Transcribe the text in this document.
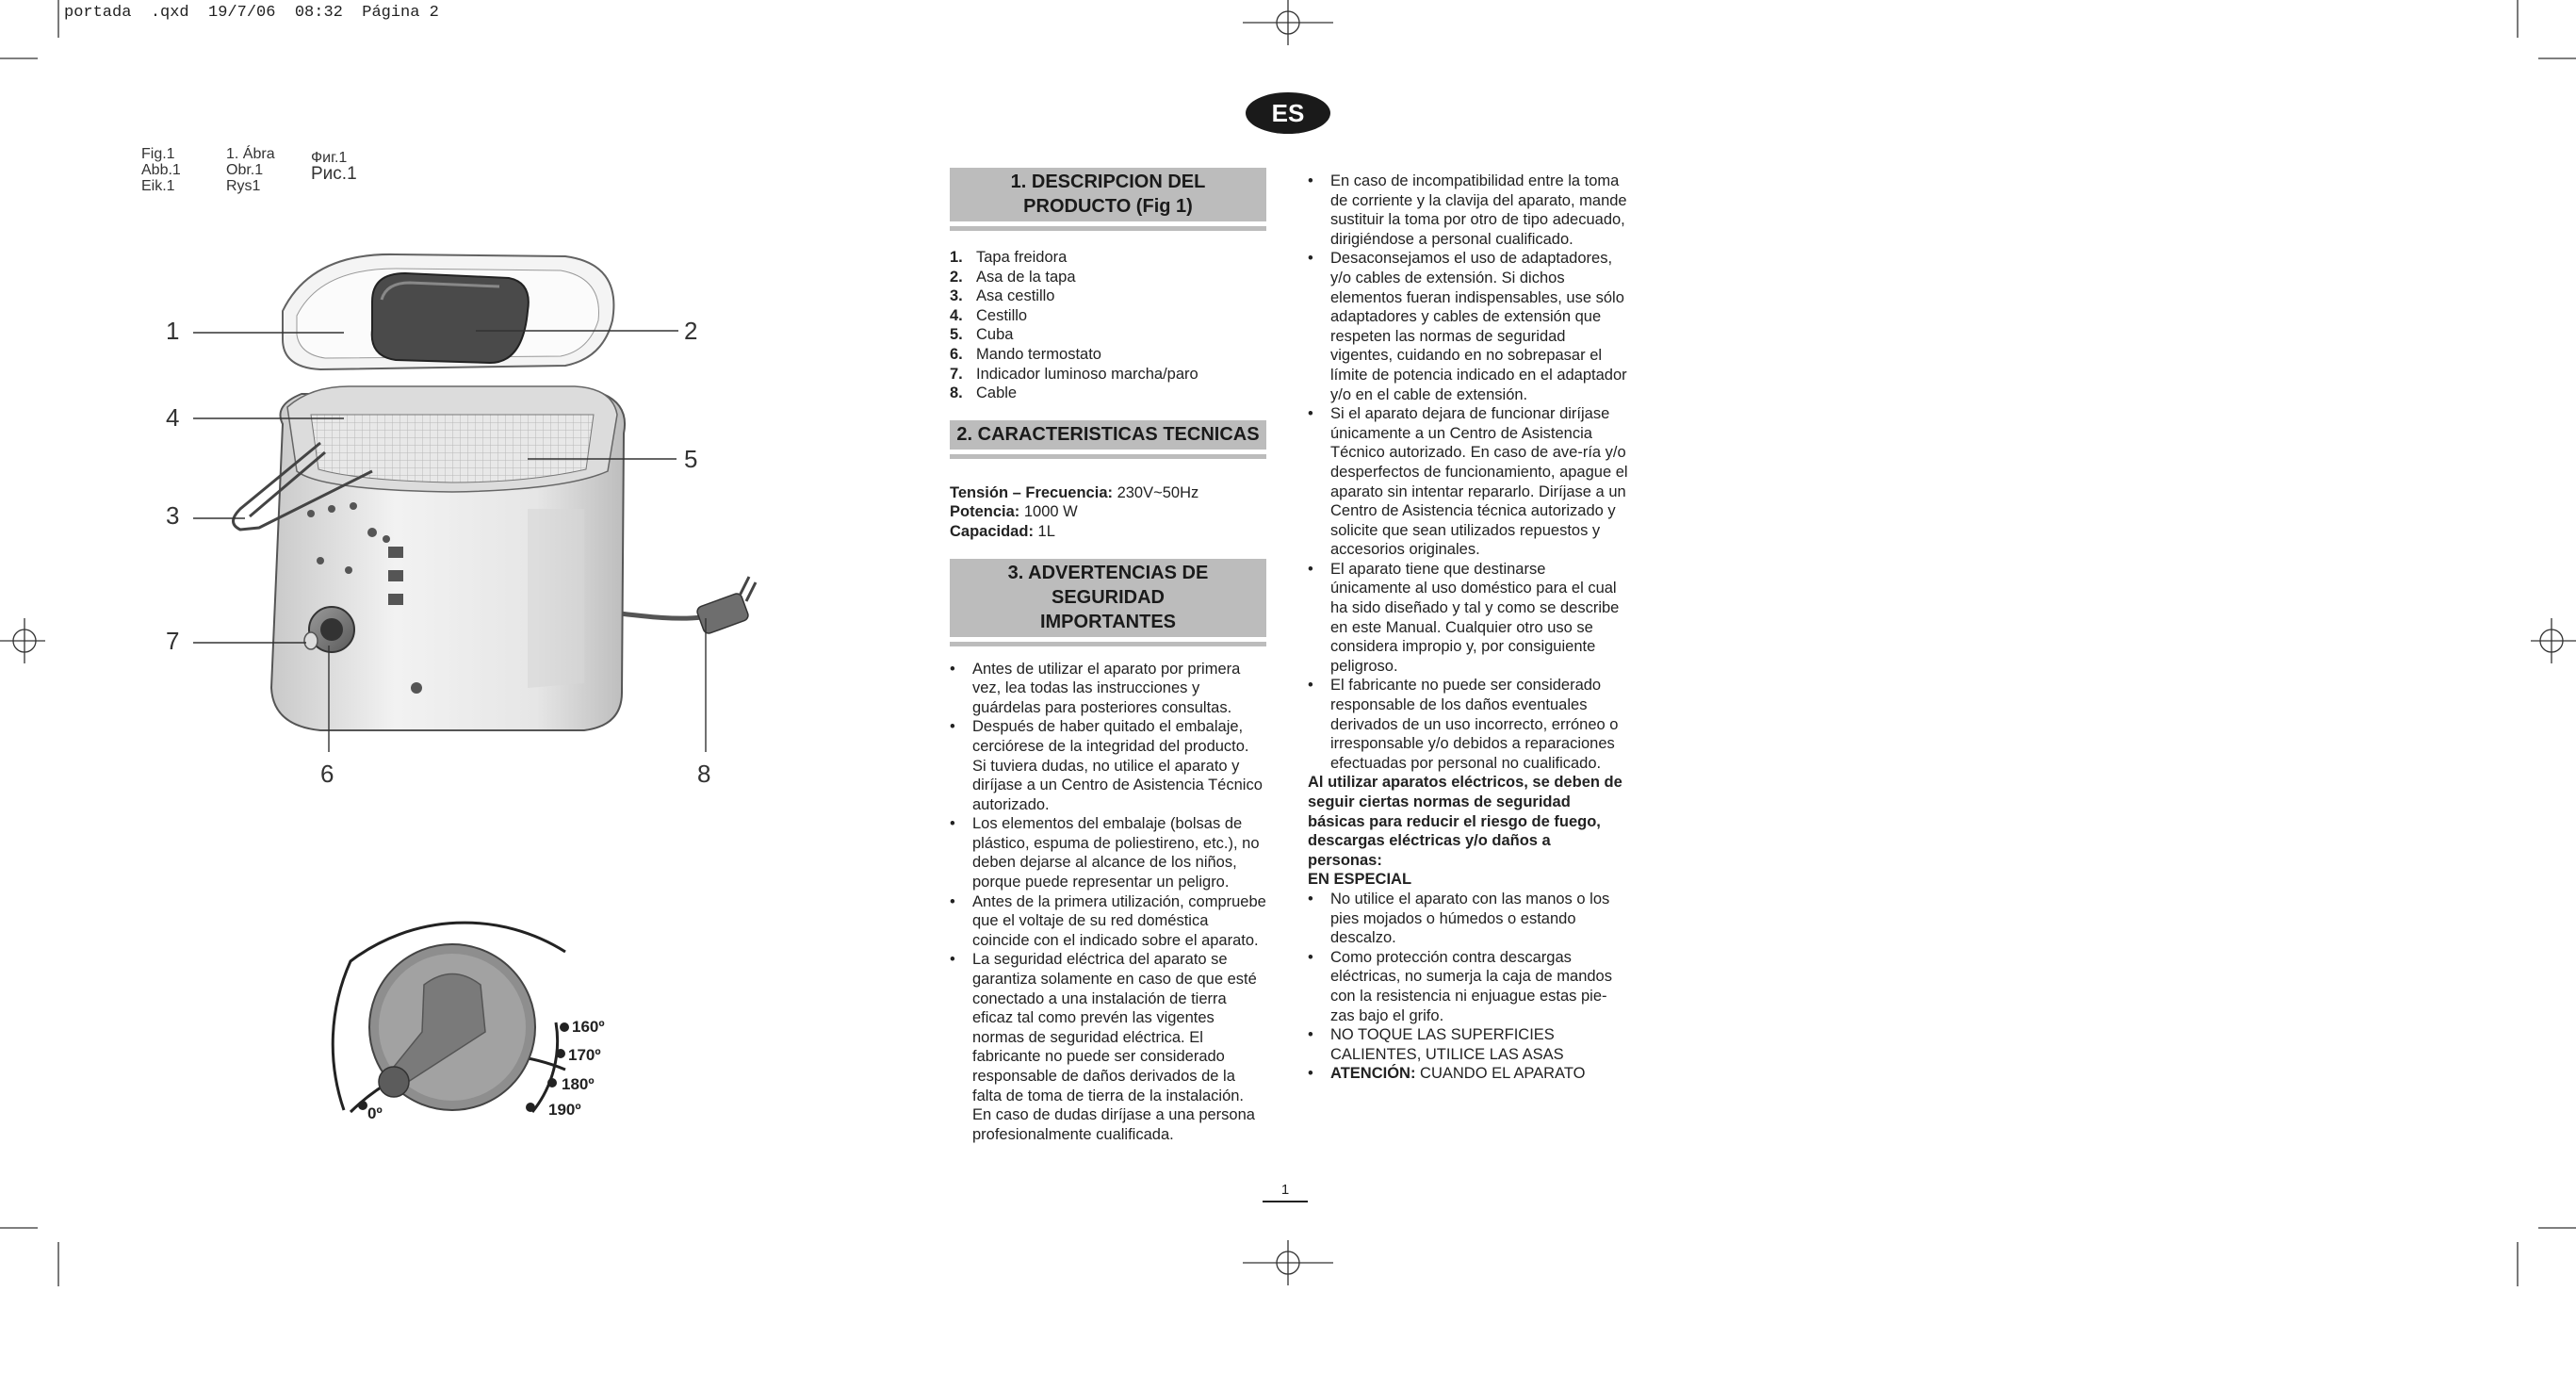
portada  .qxd  19/7/06  08:32  Página 2
Fig.1
Abb.1
Eik.1
1. Ábra
Obr.1
Rys1
Фиг.1
Рис.1
1	2
4
5
3
7
6	8
160º
170º
180º
190º
0º
ES
1. DESCRIPCION DEL
PRODUCTO (Fig 1)
1. Tapa freidora
2. Asa de la tapa
3. Asa cestillo
4. Cestillo
5. Cuba
6. Mando termostato
7. Indicador luminoso marcha/paro
8. Cable
2. CARACTERISTICAS TECNICAS
Tensión – Frecuencia: 230V~50Hz
Potencia: 1000 W
Capacidad: 1L
3. ADVERTENCIAS DE SEGURIDAD
IMPORTANTES
• Antes de utilizar el aparato por primera vez, lea todas las instrucciones y guárdelas para posteriores consultas.
• Después de haber quitado el embalaje, cerciórese de la integridad del producto. Si tuviera dudas, no utilice el aparato y diríjase a un Centro de Asistencia Técnico autorizado.
• Los elementos del embalaje (bolsas de plástico, espuma de poliestireno, etc.), no deben dejarse al alcance de los niños, porque puede representar un peligro.
• Antes de la primera utilización, compruebe que el voltaje de su red doméstica coincide con el indicado sobre el aparato.
• La seguridad eléctrica del aparato se garantiza solamente en caso de que esté conectado a una instalación de tierra eficaz tal como prevén las vigentes normas de seguridad eléctrica. El fabricante no puede ser considerado responsable de daños derivados de la falta de toma de tierra de la instalación. En caso de dudas diríjase a una persona profesionalmente cualificada.
• En caso de incompatibilidad entre la toma de corriente y la clavija del aparato, mande sustituir la toma por otro de tipo adecuado, dirigiéndose a personal cualificado.
• Desaconsejamos el uso de adaptadores, y/o cables de extensión. Si dichos elementos fueran indispensables, use sólo adaptadores y cables de extensión que respeten las normas de seguridad vigentes, cuidando en no sobrepasar el límite de potencia indicado en el adaptador y/o en el cable de extensión.
• Si el aparato dejara de funcionar diríjase únicamente a un Centro de Asistencia Técnico autorizado. En caso de ave-ría y/o desperfectos de funcionamiento, apague el aparato sin intentar repararlo. Diríjase a un Centro de Asistencia técnica autorizado y solicite que sean utilizados repuestos y accesorios originales.
• El aparato tiene que destinarse únicamente al uso doméstico para el cual ha sido diseñado y tal y como se describe en este Manual. Cualquier otro uso se considera impropio y, por consiguiente peligroso.
• El fabricante no puede ser considerado responsable de los daños eventuales derivados de un uso incorrecto, erróneo o irresponsable y/o debidos a reparaciones efectuadas por personal no cualificado.
Al utilizar aparatos eléctricos, se deben de seguir ciertas normas de seguridad básicas para reducir el riesgo de fuego, descargas eléctricas y/o daños a personas:
EN ESPECIAL
• No utilice el aparato con las manos o los pies mojados o húmedos o estando descalzo.
• Como protección contra descargas eléctricas, no sumerja la caja de mandos con la resistencia ni enjuague estas pie-zas bajo el grifo.
• NO TOQUE LAS SUPERFICIES CALIENTES, UTILICE LAS ASAS
• ATENCIÓN: CUANDO EL APARATO
1
